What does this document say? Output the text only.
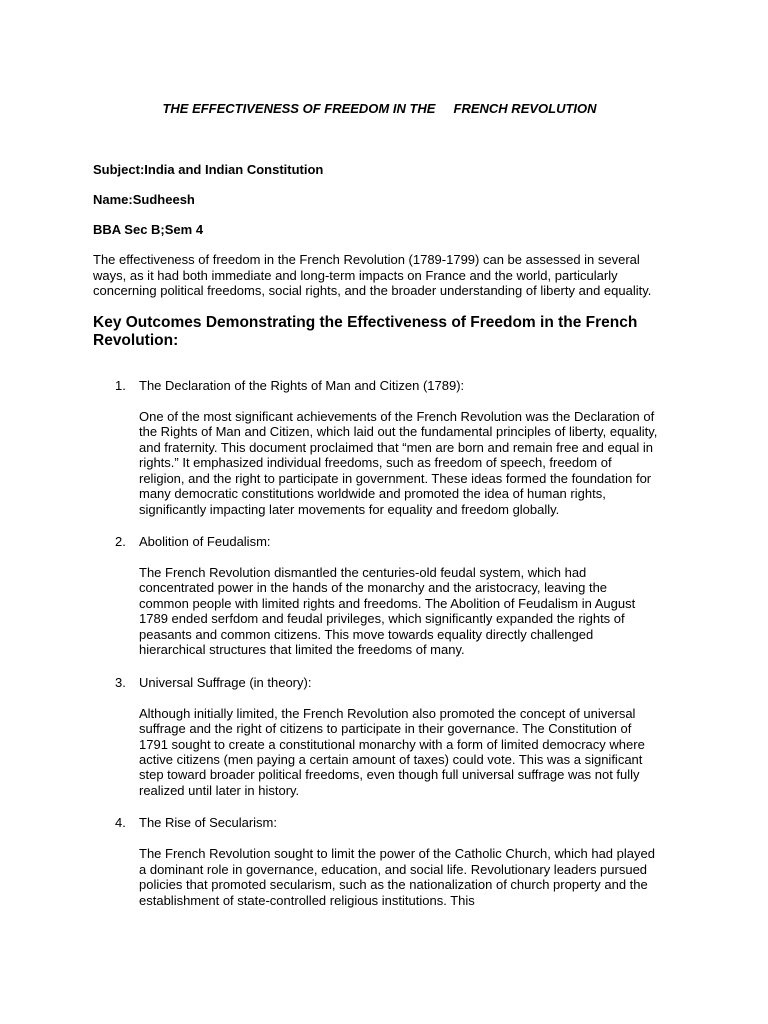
THE EFFECTIVENESS OF FREEDOM IN THE     FRENCH REVOLUTION

Subject:India and Indian Constitution

Name:Sudheesh

BBA Sec B;Sem 4

The effectiveness of freedom in the French Revolution (1789-1799) can be assessed in several ways, as it had both immediate and long-term impacts on France and the world, particularly concerning political freedoms, social rights, and the broader understanding of liberty and equality.

Key Outcomes Demonstrating the Effectiveness of Freedom in the French Revolution:
1. The Declaration of the Rights of Man and Citizen (1789):

One of the most significant achievements of the French Revolution was the Declaration of the Rights of Man and Citizen, which laid out the fundamental principles of liberty, equality, and fraternity. This document proclaimed that “men are born and remain free and equal in rights.” It emphasized individual freedoms, such as freedom of speech, freedom of religion, and the right to participate in government. These ideas formed the foundation for many democratic constitutions worldwide and promoted the idea of human rights, significantly impacting later movements for equality and freedom globally.

2. Abolition of Feudalism:

The French Revolution dismantled the centuries-old feudal system, which had concentrated power in the hands of the monarchy and the aristocracy, leaving the common people with limited rights and freedoms. The Abolition of Feudalism in August 1789 ended serfdom and feudal privileges, which significantly expanded the rights of peasants and common citizens. This move towards equality directly challenged hierarchical structures that limited the freedoms of many.

3. Universal Suffrage (in theory):

Although initially limited, the French Revolution also promoted the concept of universal suffrage and the right of citizens to participate in their governance. The Constitution of 1791 sought to create a constitutional monarchy with a form of limited democracy where active citizens (men paying a certain amount of taxes) could vote. This was a significant step toward broader political freedoms, even though full universal suffrage was not fully realized until later in history.

4. The Rise of Secularism:

The French Revolution sought to limit the power of the Catholic Church, which had played a dominant role in governance, education, and social life. Revolutionary leaders pursued policies that promoted secularism, such as the nationalization of church property and the establishment of state-controlled religious institutions. This
